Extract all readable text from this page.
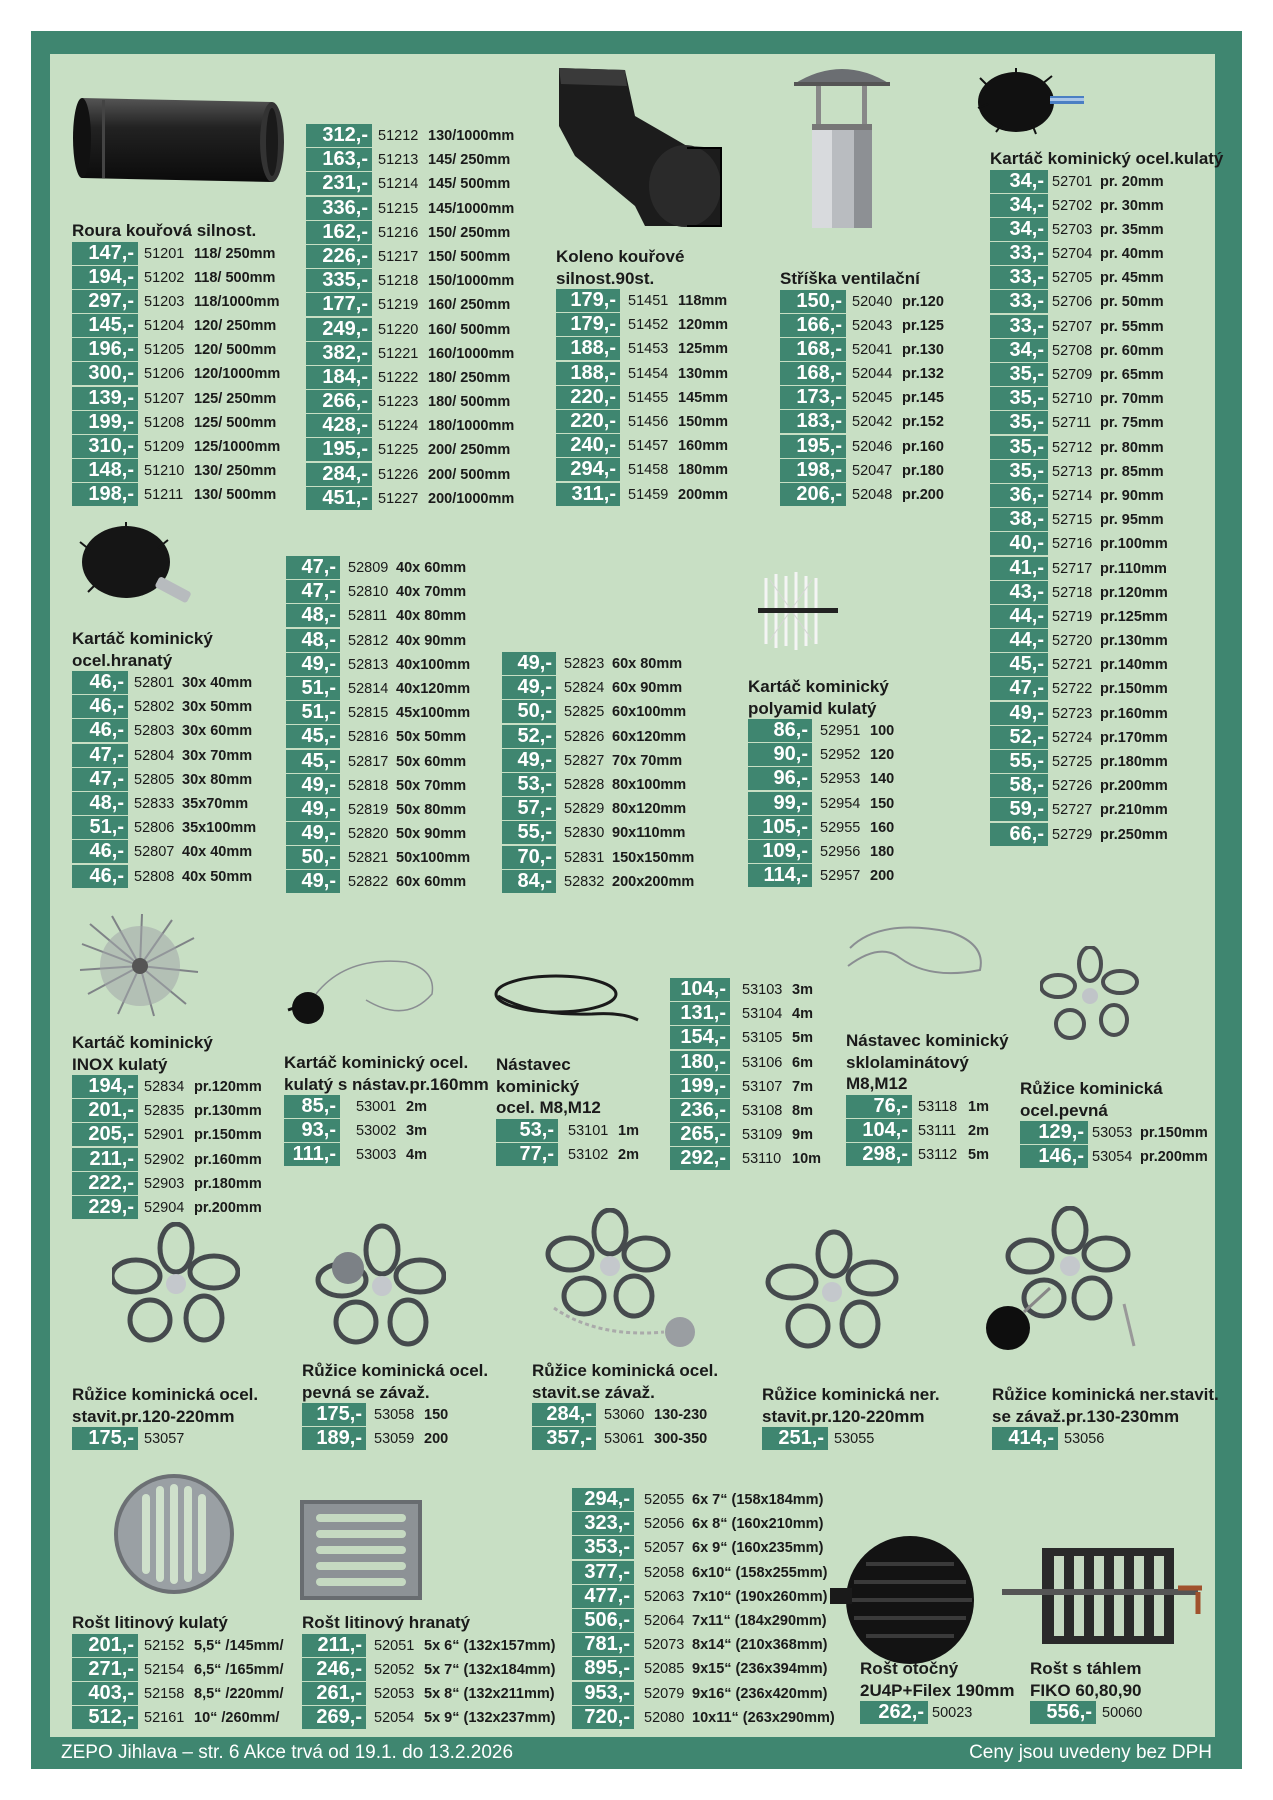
Roura kouřová silnost.
147,- 51201 118/ 250mm
194,- 51202 118/ 500mm
297,- 51203 118/1000mm
145,- 51204 120/ 250mm
196,- 51205 120/ 500mm
300,- 51206 120/1000mm
139,- 51207 125/ 250mm
199,- 51208 125/ 500mm
310,- 51209 125/1000mm
148,- 51210 130/ 250mm
198,- 51211 130/ 500mm
312,- 51212 130/1000mm
163,- 51213 145/ 250mm
231,- 51214 145/ 500mm
336,- 51215 145/1000mm
162,- 51216 150/ 250mm
226,- 51217 150/ 500mm
335,- 51218 150/1000mm
177,- 51219 160/ 250mm
249,- 51220 160/ 500mm
382,- 51221 160/1000mm
184,- 51222 180/ 250mm
266,- 51223 180/ 500mm
428,- 51224 180/1000mm
195,- 51225 200/ 250mm
284,- 51226 200/ 500mm
451,- 51227 200/1000mm
Koleno kouřové
silnost.90st.
179,- 51451 118mm
179,- 51452 120mm
188,- 51453 125mm
188,- 51454 130mm
220,- 51455 145mm
220,- 51456 150mm
240,- 51457 160mm
294,- 51458 180mm
311,- 51459 200mm
Stříška ventilační
150,- 52040 pr.120
166,- 52043 pr.125
168,- 52041 pr.130
168,- 52044 pr.132
173,- 52045 pr.145
183,- 52042 pr.152
195,- 52046 pr.160
198,- 52047 pr.180
206,- 52048 pr.200
Kartáč kominický ocel.kulatý
34,- 52701 pr. 20mm
34,- 52702 pr. 30mm
34,- 52703 pr. 35mm
33,- 52704 pr. 40mm
33,- 52705 pr. 45mm
33,- 52706 pr. 50mm
33,- 52707 pr. 55mm
34,- 52708 pr. 60mm
35,- 52709 pr. 65mm
35,- 52710 pr. 70mm
35,- 52711 pr. 75mm
35,- 52712 pr. 80mm
35,- 52713 pr. 85mm
36,- 52714 pr. 90mm
38,- 52715 pr. 95mm
40,- 52716 pr.100mm
41,- 52717 pr.110mm
43,- 52718 pr.120mm
44,- 52719 pr.125mm
44,- 52720 pr.130mm
45,- 52721 pr.140mm
47,- 52722 pr.150mm
49,- 52723 pr.160mm
52,- 52724 pr.170mm
55,- 52725 pr.180mm
58,- 52726 pr.200mm
59,- 52727 pr.210mm
66,- 52729 pr.250mm
Kartáč kominický
ocel.hranatý
46,- 52801 30x 40mm
46,- 52802 30x 50mm
46,- 52803 30x 60mm
47,- 52804 30x 70mm
47,- 52805 30x 80mm
48,- 52833 35x70mm
51,- 52806 35x100mm
46,- 52807 40x 40mm
46,- 52808 40x 50mm
47,- 52809 40x 60mm
47,- 52810 40x 70mm
48,- 52811 40x 80mm
48,- 52812 40x 90mm
49,- 52813 40x100mm
51,- 52814 40x120mm
51,- 52815 45x100mm
45,- 52816 50x 50mm
45,- 52817 50x 60mm
49,- 52818 50x 70mm
49,- 52819 50x 80mm
49,- 52820 50x 90mm
50,- 52821 50x100mm
49,- 52822 60x 60mm
49,- 52823 60x 80mm
49,- 52824 60x 90mm
50,- 52825 60x100mm
52,- 52826 60x120mm
49,- 52827 70x 70mm
53,- 52828 80x100mm
57,- 52829 80x120mm
55,- 52830 90x110mm
70,- 52831 150x150mm
84,- 52832 200x200mm
Kartáč kominický
polyamid kulatý
86,- 52951 100
90,- 52952 120
96,- 52953 140
99,- 52954 150
105,- 52955 160
109,- 52956 180
114,- 52957 200
Kartáč kominický
INOX kulatý
194,- 52834 pr.120mm
201,- 52835 pr.130mm
205,- 52901 pr.150mm
211,- 52902 pr.160mm
222,- 52903 pr.180mm
229,- 52904 pr.200mm
Kartáč kominický ocel.
kulatý s nástav.pr.160mm
85,- 53001 2m
93,- 53002 3m
111,- 53003 4m
Nástavec
kominický
ocel. M8,M12
53,- 53101 1m
77,- 53102 2m
104,- 53103 3m
131,- 53104 4m
154,- 53105 5m
180,- 53106 6m
199,- 53107 7m
236,- 53108 8m
265,- 53109 9m
292,- 53110 10m
Nástavec kominický
sklolaminátový
M8,M12
76,- 53118 1m
104,- 53111 2m
298,- 53112 5m
Růžice kominická
ocel.pevná
129,- 53053 pr.150mm
146,- 53054 pr.200mm
Růžice kominická ocel.
stavit.pr.120-220mm
175,- 53057
Růžice kominická ocel.
pevná se závaž.
175,- 53058 150
189,- 53059 200
Růžice kominická ocel.
stavit.se závaž.
284,- 53060 130-230
357,- 53061 300-350
Růžice kominická ner.
stavit.pr.120-220mm
251,- 53055
Růžice kominická ner.stavit.
se závaž.pr.130-230mm
414,- 53056
Rošt litinový kulatý
201,- 52152 5,5“ /145mm/
271,- 52154 6,5“ /165mm/
403,- 52158 8,5“ /220mm/
512,- 52161 10“ /260mm/
Rošt litinový hranatý
211,- 52051 5x 6“ (132x157mm)
246,- 52052 5x 7“ (132x184mm)
261,- 52053 5x 8“ (132x211mm)
269,- 52054 5x 9“ (132x237mm)
294,- 52055 6x 7“ (158x184mm)
323,- 52056 6x 8“ (160x210mm)
353,- 52057 6x 9“ (160x235mm)
377,- 52058 6x10“ (158x255mm)
477,- 52063 7x10“ (190x260mm)
506,- 52064 7x11“ (184x290mm)
781,- 52073 8x14“ (210x368mm)
895,- 52085 9x15“ (236x394mm)
953,- 52079 9x16“ (236x420mm)
720,- 52080 10x11“ (263x290mm)
Rošt otočný
2U4P+Filex 190mm
262,- 50023
Rošt s táhlem
FIKO 60,80,90
556,- 50060
ZEPO Jihlava – str. 6 Akce trvá od 19.1. do 13.2.2026	Ceny jsou uvedeny bez DPH
